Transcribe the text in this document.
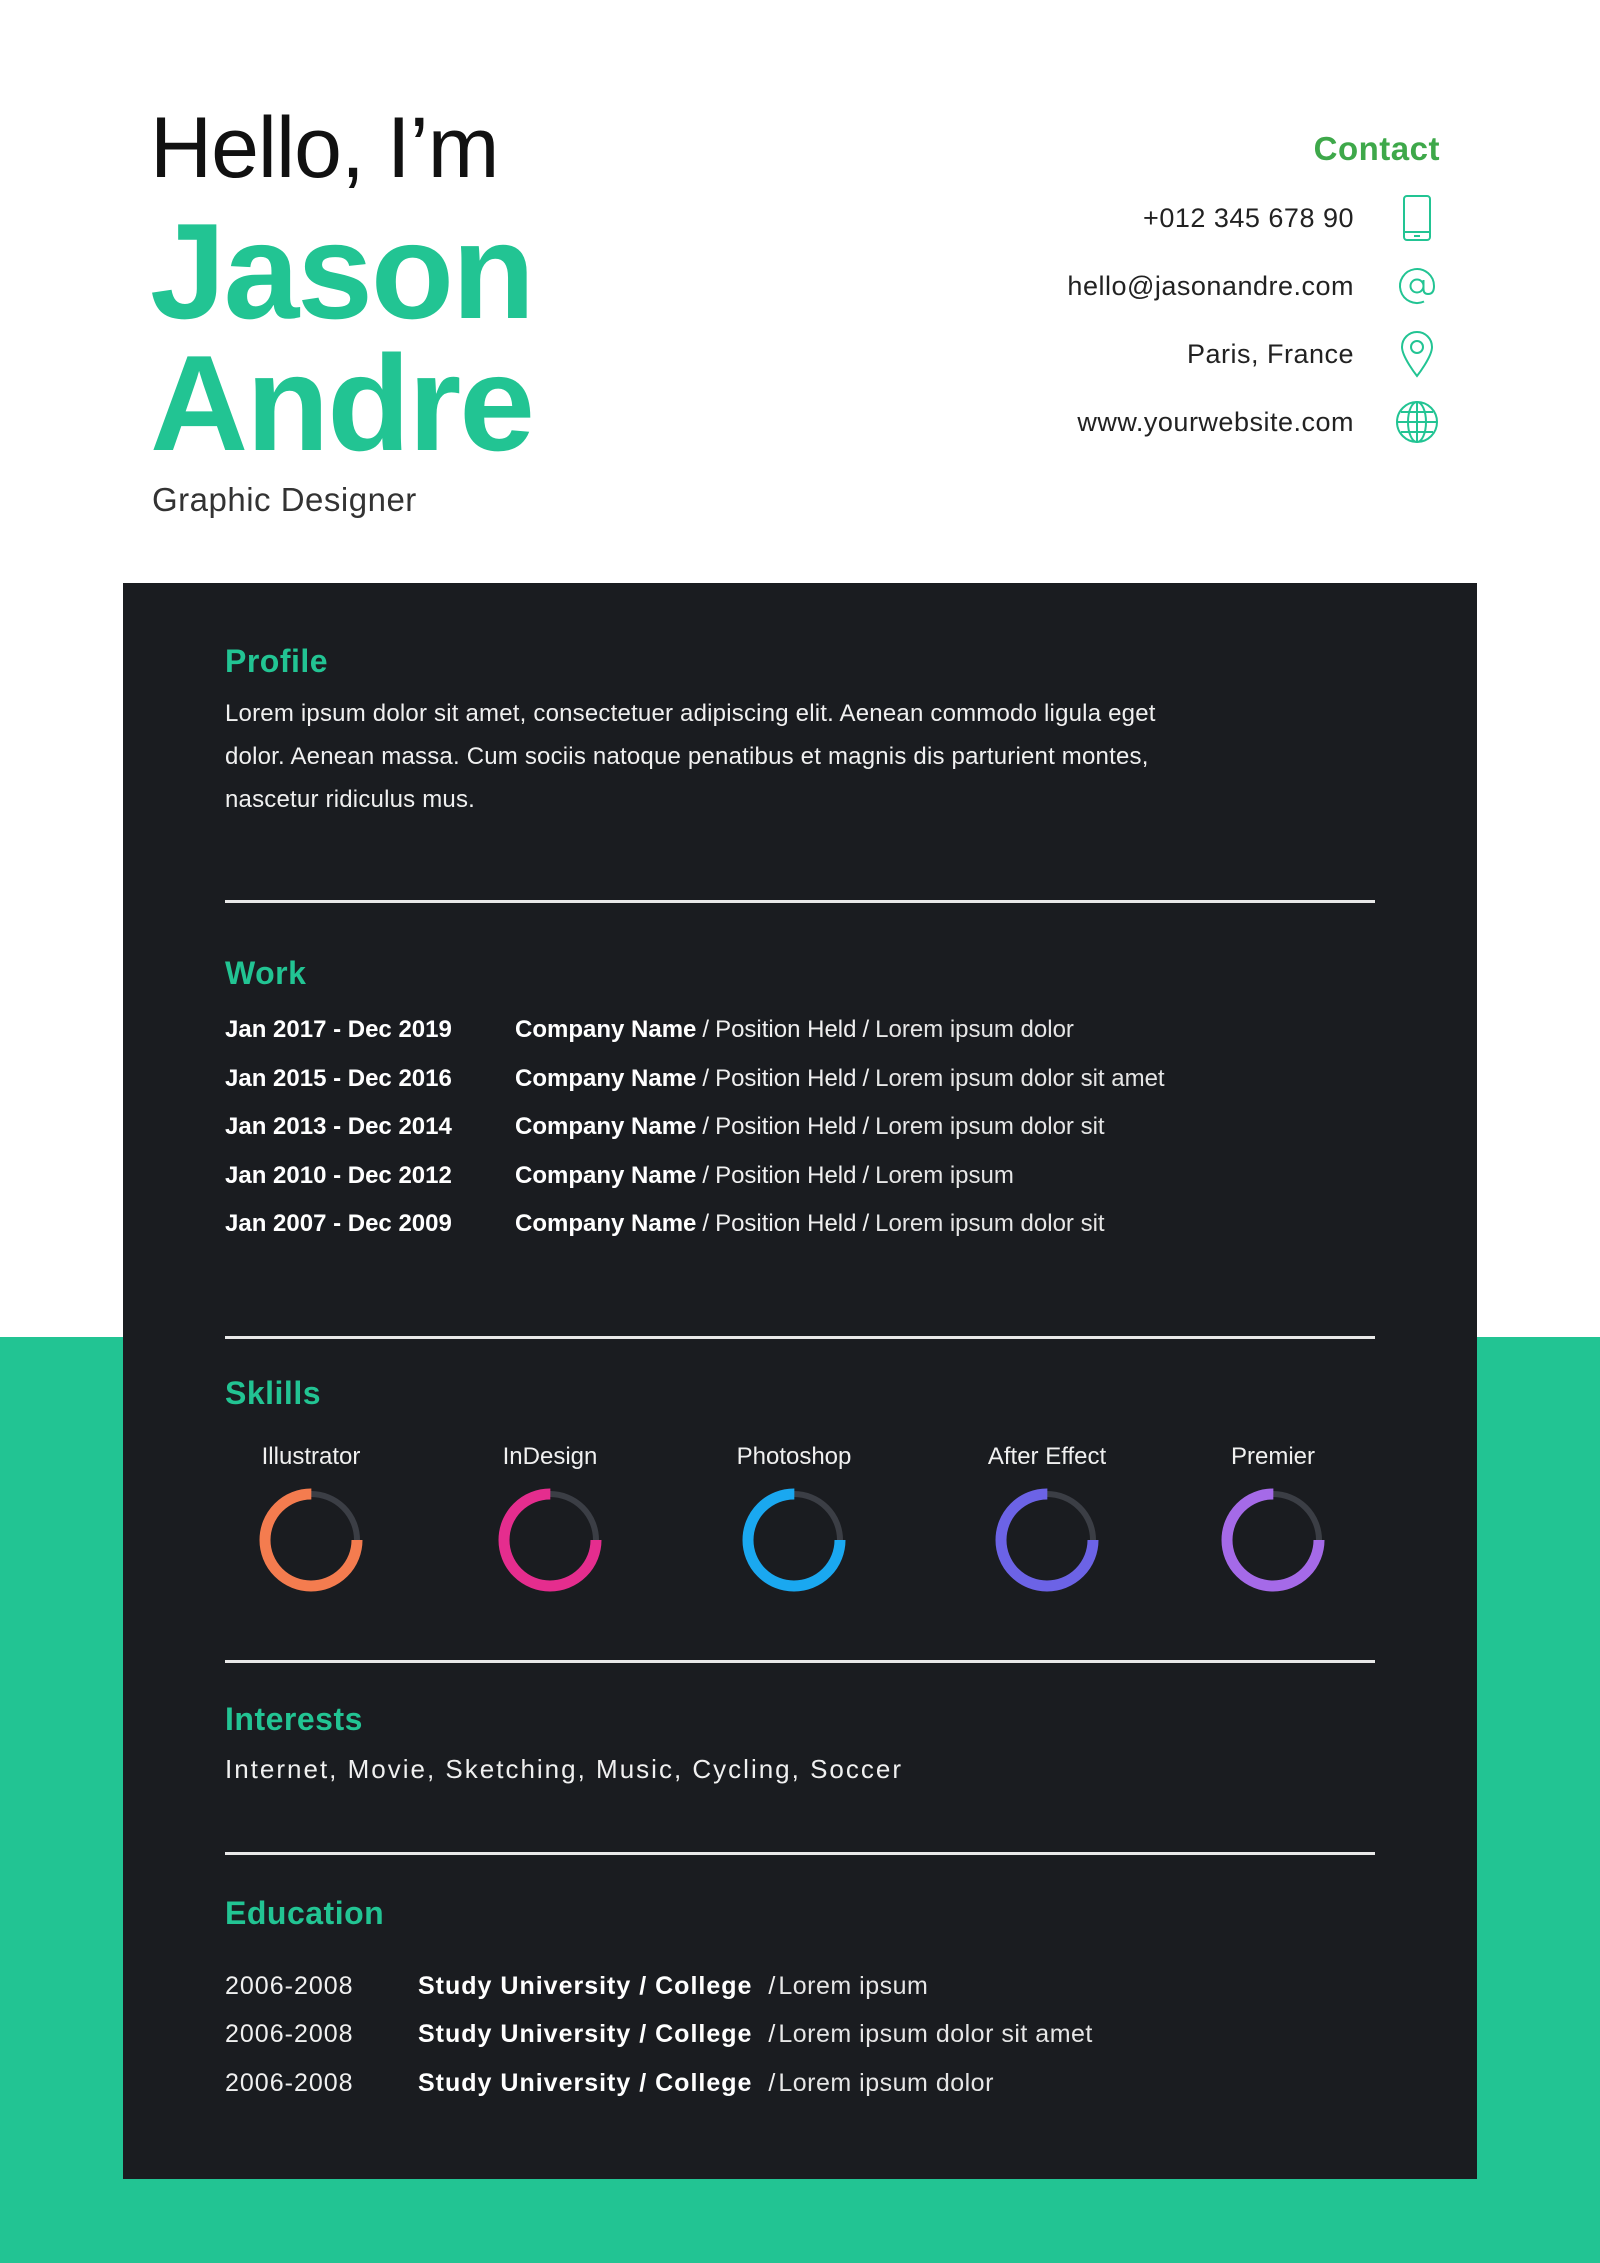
Hello, I’m
Jason
Andre
Graphic Designer
Contact
+012 345 678 90
hello@jasonandre.com
Paris, France
www.yourwebsite.com
Profile
Lorem ipsum dolor sit amet, consectetuer adipiscing elit. Aenean commodo ligula eget dolor. Aenean massa. Cum sociis natoque penatibus et magnis dis parturient montes, nascetur ridiculus mus.
Work
Jan 2017 - Dec 2019	Company Name / Position Held / Lorem ipsum dolor
Jan 2015 - Dec 2016	Company Name / Position Held / Lorem ipsum dolor sit amet
Jan 2013 - Dec 2014	Company Name / Position Held / Lorem ipsum dolor sit
Jan 2010 - Dec 2012	Company Name / Position Held / Lorem ipsum
Jan 2007 - Dec 2009	Company Name / Position Held / Lorem ipsum dolor sit
Sklills
Illustrator	InDesign	Photoshop	After Effect	Premier
Interests
Internet, Movie, Sketching, Music, Cycling, Soccer
Education
2006-2008	Study University / College / Lorem ipsum
2006-2008	Study University / College / Lorem ipsum dolor sit amet
2006-2008	Study University / College / Lorem ipsum dolor
